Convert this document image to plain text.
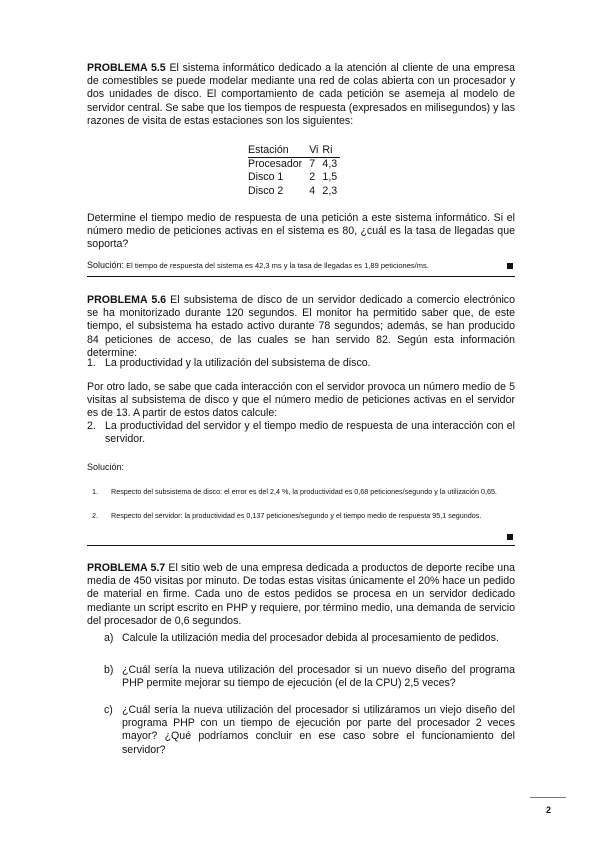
PROBLEMA 5.5 El sistema informático dedicado a la atención al cliente de una empresa de comestibles se puede modelar mediante una red de colas abierta con un procesador y dos unidades de disco. El comportamiento de cada petición se asemeja al modelo de servidor central. Se sabe que los tiempos de respuesta (expresados en milisegundos) y las razones de visita de estas estaciones son los siguientes:

Estación	Vi	Ri
Procesador	7	4,3
Disco 1	2	1,5
Disco 2	4	2,3

Determine el tiempo medio de respuesta de una petición a este sistema informático. Si el número medio de peticiones activas en el sistema es 80, ¿cuál es la tasa de llegadas que soporta?

Solución: El tiempo de respuesta del sistema es 42,3 ms y la tasa de llegadas es 1,89 peticiones/ms.

PROBLEMA 5.6 El subsistema de disco de un servidor dedicado a comercio electrónico se ha monitorizado durante 120 segundos. El monitor ha permitido saber que, de este tiempo, el subsistema ha estado activo durante 78 segundos; además, se han producido 84 peticiones de acceso, de las cuales se han servido 82. Según esta información determine:

1. La productividad y la utilización del subsistema de disco.

Por otro lado, se sabe que cada interacción con el servidor provoca un número medio de 5 visitas al subsistema de disco y que el número medio de peticiones activas en el servidor es de 13. A partir de estos datos calcule:

2. La productividad del servidor y el tiempo medio de respuesta de una interacción con el servidor.
Solución:
1. Respecto del subsistema de disco: el error es del 2,4 %, la productividad es 0,68 peticiones/segundo y la utilización 0,65.
2. Respecto del servidor: la productividad es 0,137 peticiones/segundo y el tiempo medio de respuesta 95,1 segundos.

PROBLEMA 5.7 El sitio web de una empresa dedicada a productos de deporte recibe una media de 450 visitas por minuto. De todas estas visitas únicamente el 20% hace un pedido de material en firme. Cada uno de estos pedidos se procesa en un servidor dedicado mediante un script escrito en PHP y requiere, por término medio, una demanda de servicio del procesador de 0,6 segundos.

a) Calcule la utilización media del procesador debida al procesamiento de pedidos.
b) ¿Cuál sería la nueva utilización del procesador si un nuevo diseño del programa PHP permite mejorar su tiempo de ejecución (el de la CPU) 2,5 veces?
c) ¿Cuál sería la nueva utilización del procesador si utilizáramos un viejo diseño del programa PHP con un tiempo de ejecución por parte del procesador 2 veces mayor? ¿Qué podríamos concluir en ese caso sobre el funcionamiento del servidor?
2
